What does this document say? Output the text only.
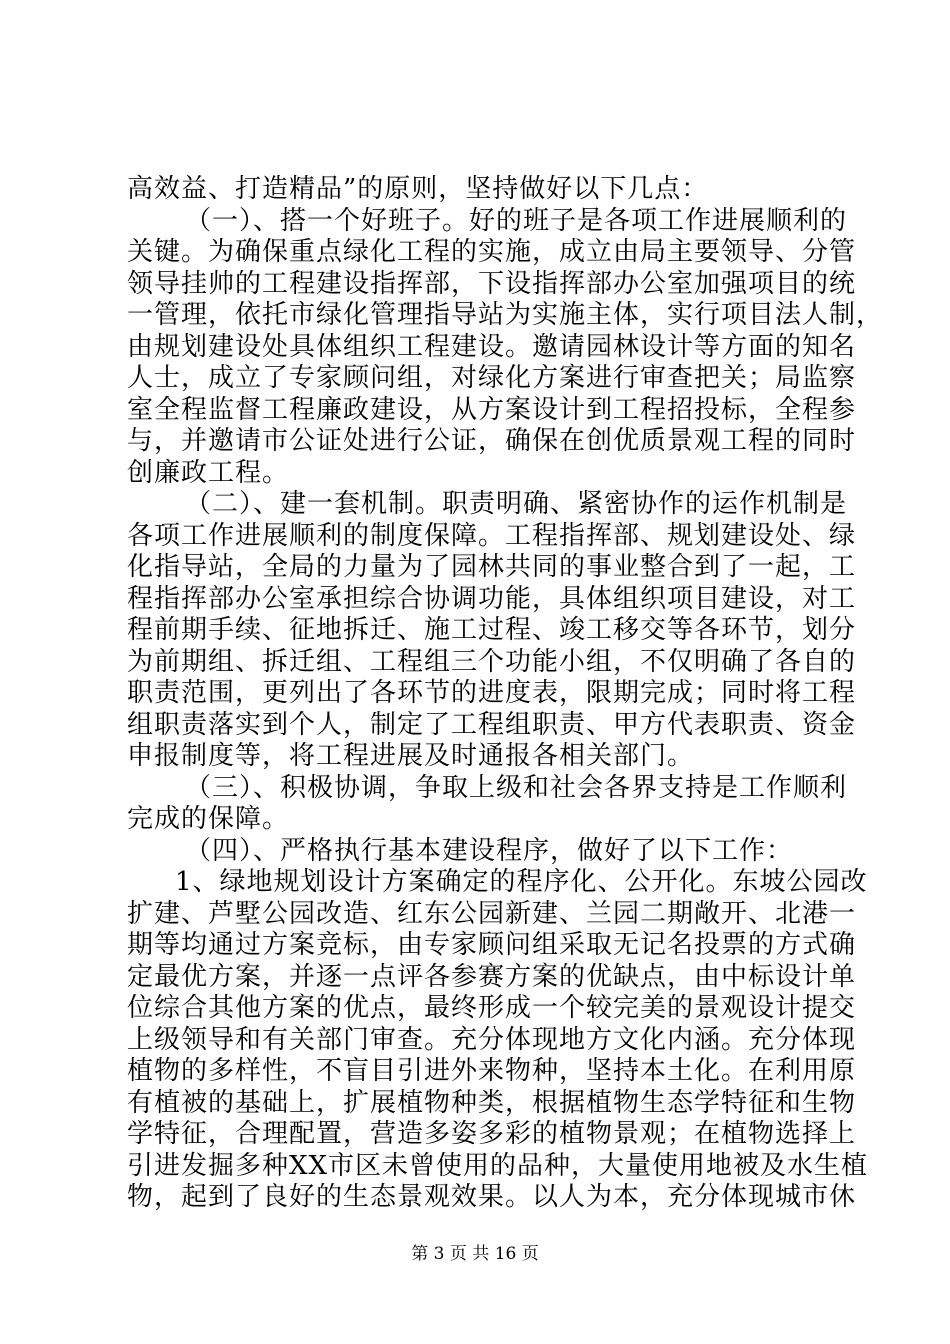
高效益、打造精品”的原则，坚持做好以下几点：
（一）、搭一个好班子。好的班子是各项工作进展顺利的
关键。为确保重点绿化工程的实施，成立由局主要领导、分管
领导挂帅的工程建设指挥部，下设指挥部办公室加强项目的统
一管理，依托市绿化管理指导站为实施主体，实行项目法人制，
由规划建设处具体组织工程建设。邀请园林设计等方面的知名
人士，成立了专家顾问组，对绿化方案进行审查把关；局监察
室全程监督工程廉政建设，从方案设计到工程招投标，全程参
与，并邀请市公证处进行公证，确保在创优质景观工程的同时
创廉政工程。
（二）、建一套机制。职责明确、紧密协作的运作机制是
各项工作进展顺利的制度保障。工程指挥部、规划建设处、绿
化指导站，全局的力量为了园林共同的事业整合到了一起，工
程指挥部办公室承担综合协调功能，具体组织项目建设，对工
程前期手续、征地拆迁、施工过程、竣工移交等各环节，划分
为前期组、拆迁组、工程组三个功能小组，不仅明确了各自的
职责范围，更列出了各环节的进度表，限期完成；同时将工程
组职责落实到个人，制定了工程组职责、甲方代表职责、资金
申报制度等，将工程进展及时通报各相关部门。
（三）、积极协调，争取上级和社会各界支持是工作顺利
完成的保障。
（四）、严格执行基本建设程序，做好了以下工作：
1、绿地规划设计方案确定的程序化、公开化。东坡公园改
扩建、芦墅公园改造、红东公园新建、兰园二期敞开、北港一
期等均通过方案竞标，由专家顾问组采取无记名投票的方式确
定最优方案，并逐一点评各参赛方案的优缺点，由中标设计单
位综合其他方案的优点，最终形成一个较完美的景观设计提交
上级领导和有关部门审查。充分体现地方文化内涵。充分体现
植物的多样性，不盲目引进外来物种，坚持本土化。在利用原
有植被的基础上，扩展植物种类，根据植物生态学特征和生物
学特征，合理配置，营造多姿多彩的植物景观；在植物选择上
引进发掘多种XX市区未曾使用的品种，大量使用地被及水生植
物，起到了良好的生态景观效果。以人为本，充分体现城市休
第 3 页 共 16 页
